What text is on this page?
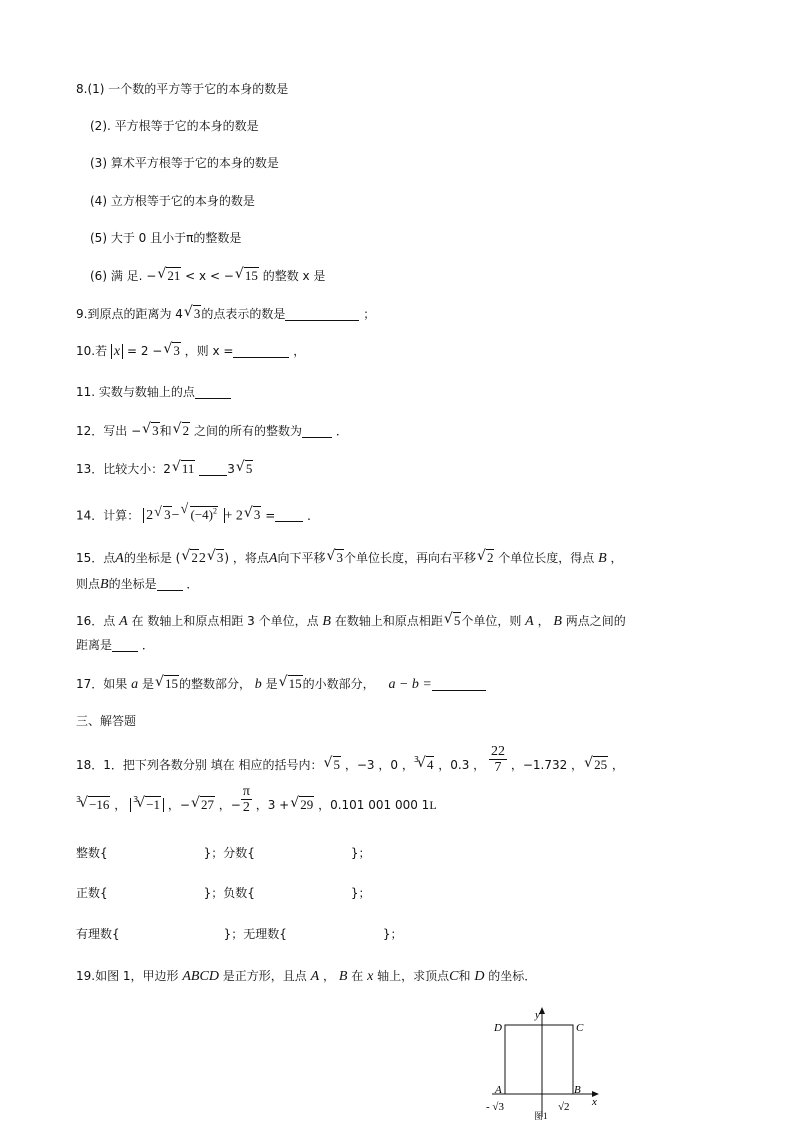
8.(1) 一个数的平方等于它的本身的数是
(2). 平方根等于它的本身的数是
(3) 算术平方根等于它的本身的数是
(4) 立方根等于它的本身的数是
(5) 大于 0 且小于π的整数是
(6) 满 足. −√ 21 < x < −√ 15 的整数 x 是
9.到原点的距离为 4√ 3的点表示的数是	；
10.若 x = 2 −√ 3 ，则 x =	，
11. 实数与数轴上的点
12．写出 −√ 3和√ 2 之间的所有的整数为	．
13．比较大小：2√ 11	3√ 5
14．计算： 2√ 3−√ $(-4)^2 + 2√$ 3 =	．
15．点A的坐标是 (√ 22√ 3) ，将点A向下平移√ 3个单位长度，再向右平移√ 2 个单位长度，得点 B ，
则点B的坐标是 ．
16．点 A 在 数轴上和原点相距 3 个单位，点 B 在数轴上和原点相距√ 5个单位，则 A ， B 两点之间的
距离是 ．
17．如果 a 是√ 15的整数部分， b 是√ 15的小数部分， a − b =
三、解答题
18．1．把下列各数分别 填在 相应的括号内：√ 5 ，−3 ，0 ，$^3$√ 4 ，0.3 ， $\frac{22}{7}$ ，−1.732 ，√ 25 ，
$^3$√ −16 ， $^3$√ −1 ，−√ 27 ，− $\frac{\pi}{2}$ ，3 +√ 29 ，0.101 001 000 1L
整数{	}；分数{	}；
正数{	}；负数{	}；
有理数{	}；无理数{	}；
19.如图 1，甲边形 ABCD 是正方形，且点 A ， B 在 x 轴上，求顶点C和 D 的坐标．
y
x
D	C
A	B
- √3	√2
图1
